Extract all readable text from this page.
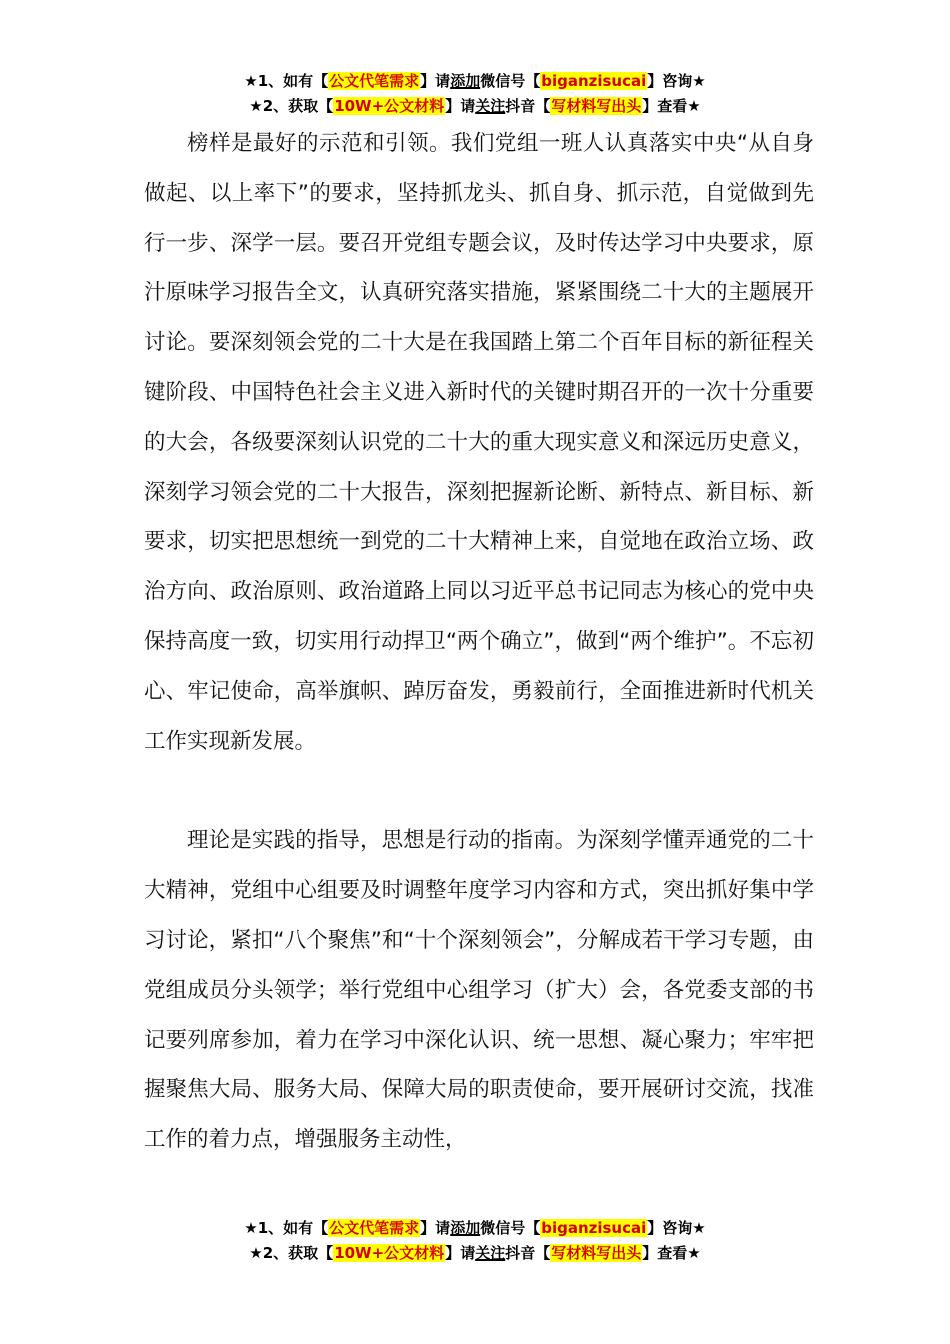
★1、如有【公文代笔需求】请添加微信号【biganzisucai】咨询★
★2、获取【10W+公文材料】请关注抖音【写材料写出头】查看★

榜样是最好的示范和引领。我们党组一班人认真落实中央“从自身做起、以上率下”的要求，坚持抓龙头、抓自身、抓示范，自觉做到先行一步、深学一层。要召开党组专题会议，及时传达学习中央要求，原汁原味学习报告全文，认真研究落实措施，紧紧围绕二十大的主题展开讨论。要深刻领会党的二十大是在我国踏上第二个百年目标的新征程关键阶段、中国特色社会主义进入新时代的关键时期召开的一次十分重要的大会，各级要深刻认识党的二十大的重大现实意义和深远历史意义，深刻学习领会党的二十大报告，深刻把握新论断、新特点、新目标、新要求，切实把思想统一到党的二十大精神上来，自觉地在政治立场、政治方向、政治原则、政治道路上同以习近平总书记同志为核心的党中央保持高度一致，切实用行动捍卫“两个确立”，做到“两个维护”。不忘初心、牢记使命，高举旗帜、踔厉奋发，勇毅前行，全面推进新时代机关工作实现新发展。

理论是实践的指导，思想是行动的指南。为深刻学懂弄通党的二十大精神，党组中心组要及时调整年度学习内容和方式，突出抓好集中学习讨论，紧扣“八个聚焦”和“十个深刻领会”，分解成若干学习专题，由党组成员分头领学；举行党组中心组学习（扩大）会，各党委支部的书记要列席参加，着力在学习中深化认识、统一思想、凝心聚力；牢牢把握聚焦大局、服务大局、保障大局的职责使命，要开展研讨交流，找准工作的着力点，增强服务主动性，

★1、如有【公文代笔需求】请添加微信号【biganzisucai】咨询★
★2、获取【10W+公文材料】请关注抖音【写材料写出头】查看★
